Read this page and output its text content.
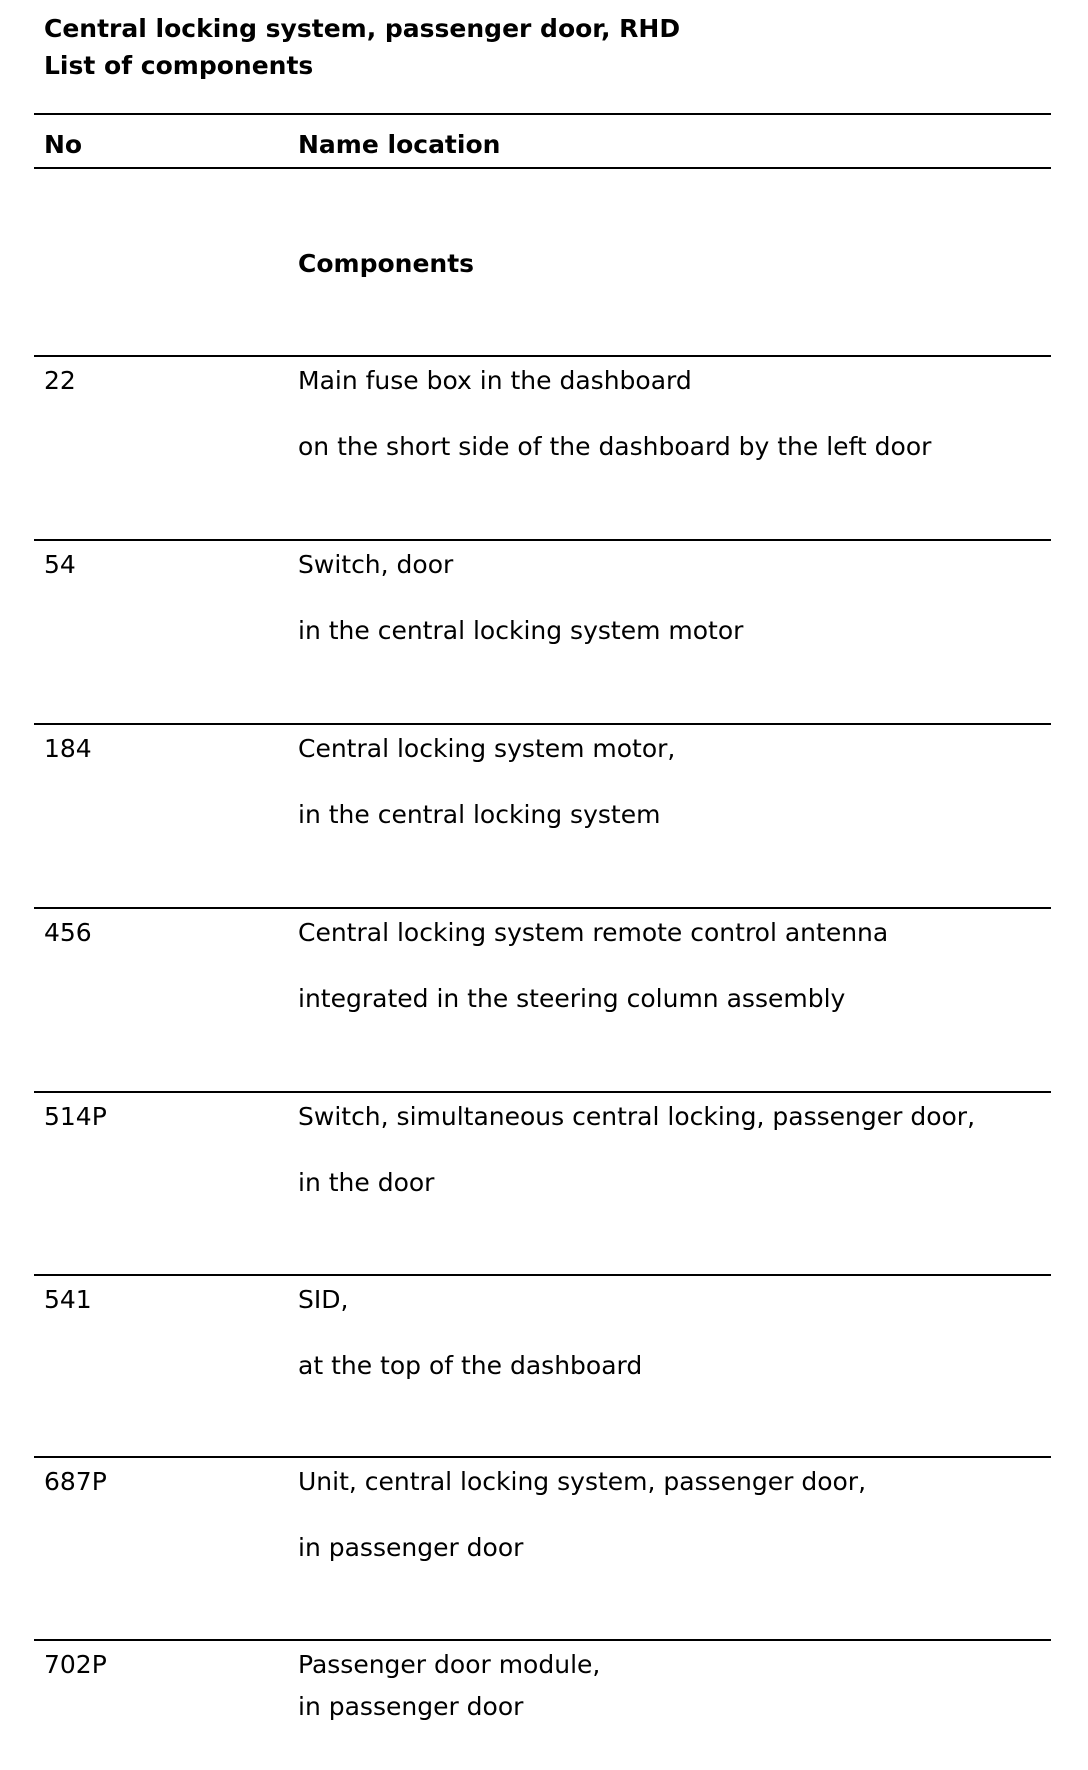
Central locking system, passenger door, RHD
List of components
No	Name location
Components
22	Main fuse box in the dashboard
on the short side of the dashboard by the left door
54	Switch, door
in the central locking system motor
184	Central locking system motor,
in the central locking system
456	Central locking system remote control antenna
integrated in the steering column assembly
514P	Switch, simultaneous central locking, passenger door,
in the door
541	SID,
at the top of the dashboard
687P	Unit, central locking system, passenger door,
in passenger door
702P	Passenger door module,
in passenger door
